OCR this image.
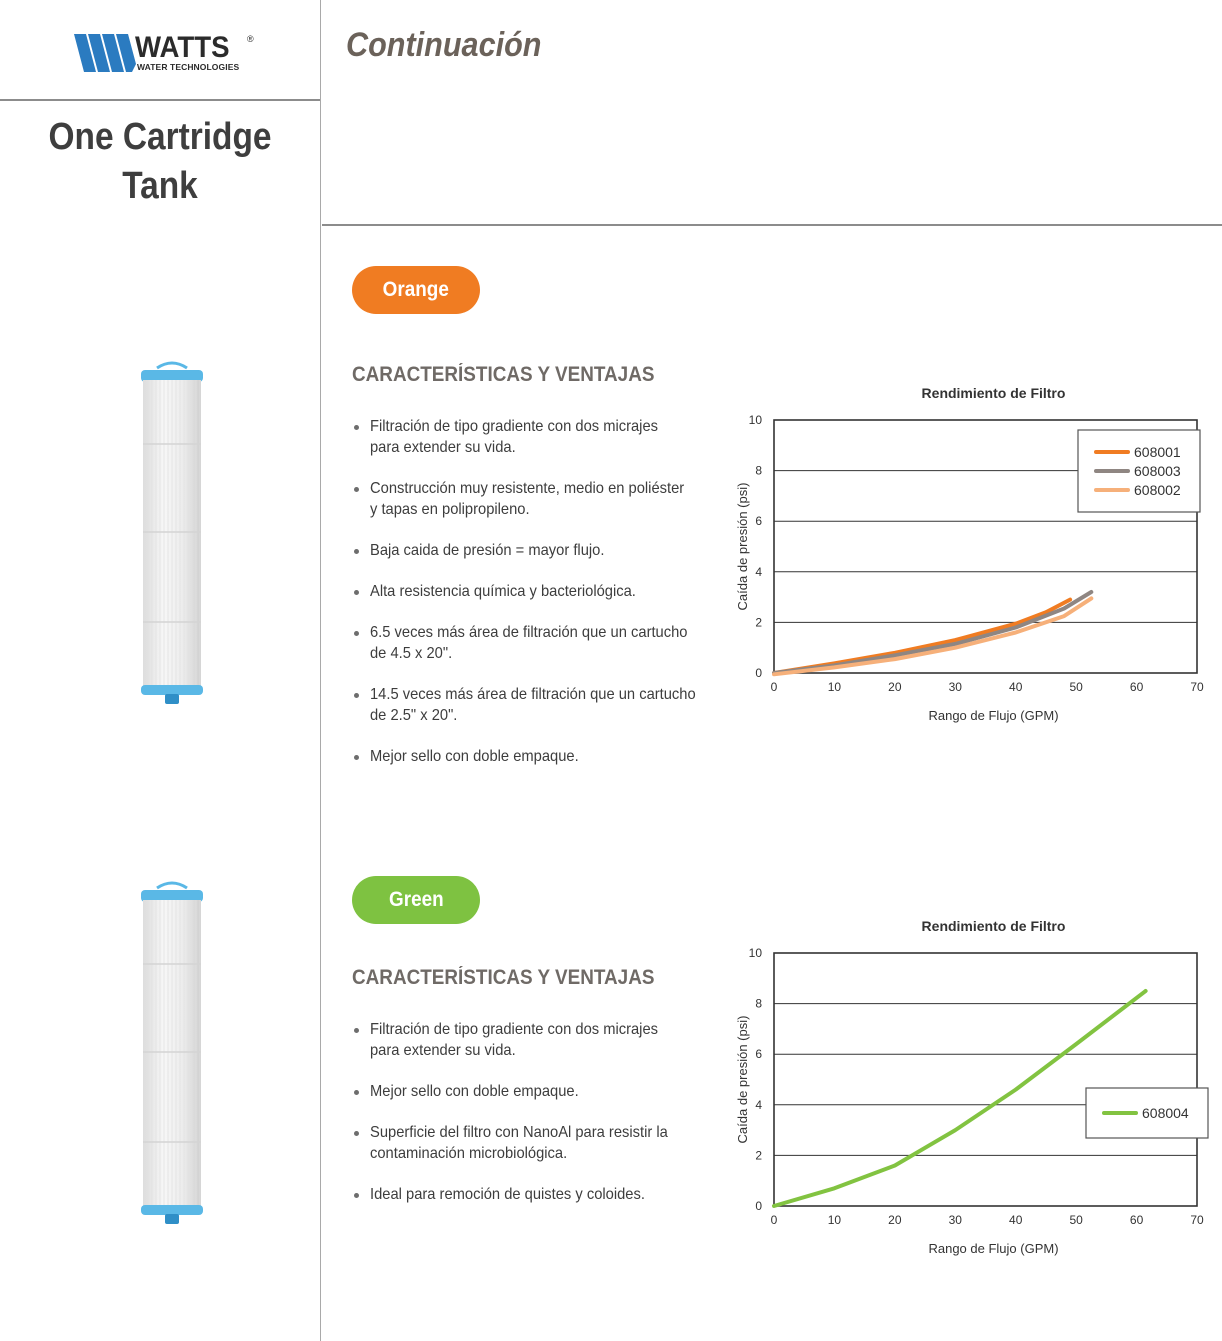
WATTS ®
WATER TECHNOLOGIES
One Cartridge
Tank
Continuación
Orange
CARACTERÍSTICAS Y VENTAJAS
Filtración de tipo gradiente con dos micrajes
para extender su vida.
Construcción muy resistente, medio en poliéster
y tapas en polipropileno.
Baja caida de presión = mayor flujo.
Alta resistencia química y bacteriológica.
6.5 veces más área de filtración que un cartucho
de 4.5 x 20".
14.5 veces más área de filtración que un cartucho
de 2.5" x 20".
Mejor sello con doble empaque.
Green
CARACTERÍSTICAS Y VENTAJAS
Filtración de tipo gradiente con dos micrajes
para extender su vida.
Mejor sello con doble empaque.
Superficie del filtro con NanoAl para resistir la
contaminación microbiológica.
Ideal para remoción de quistes y coloides.
Rendimiento de Filtro
0
2
4
6
8
10
0	10	20	30	40	50	60	70
Rango de Flujo (GPM)
Caída de presión (psi)
608001
608003
608002
Rendimiento de Filtro
0
2
4
6
8
10
0	10	20	30	40	50	60	70
Rango de Flujo (GPM)
Caída de presión (psi)	608004
